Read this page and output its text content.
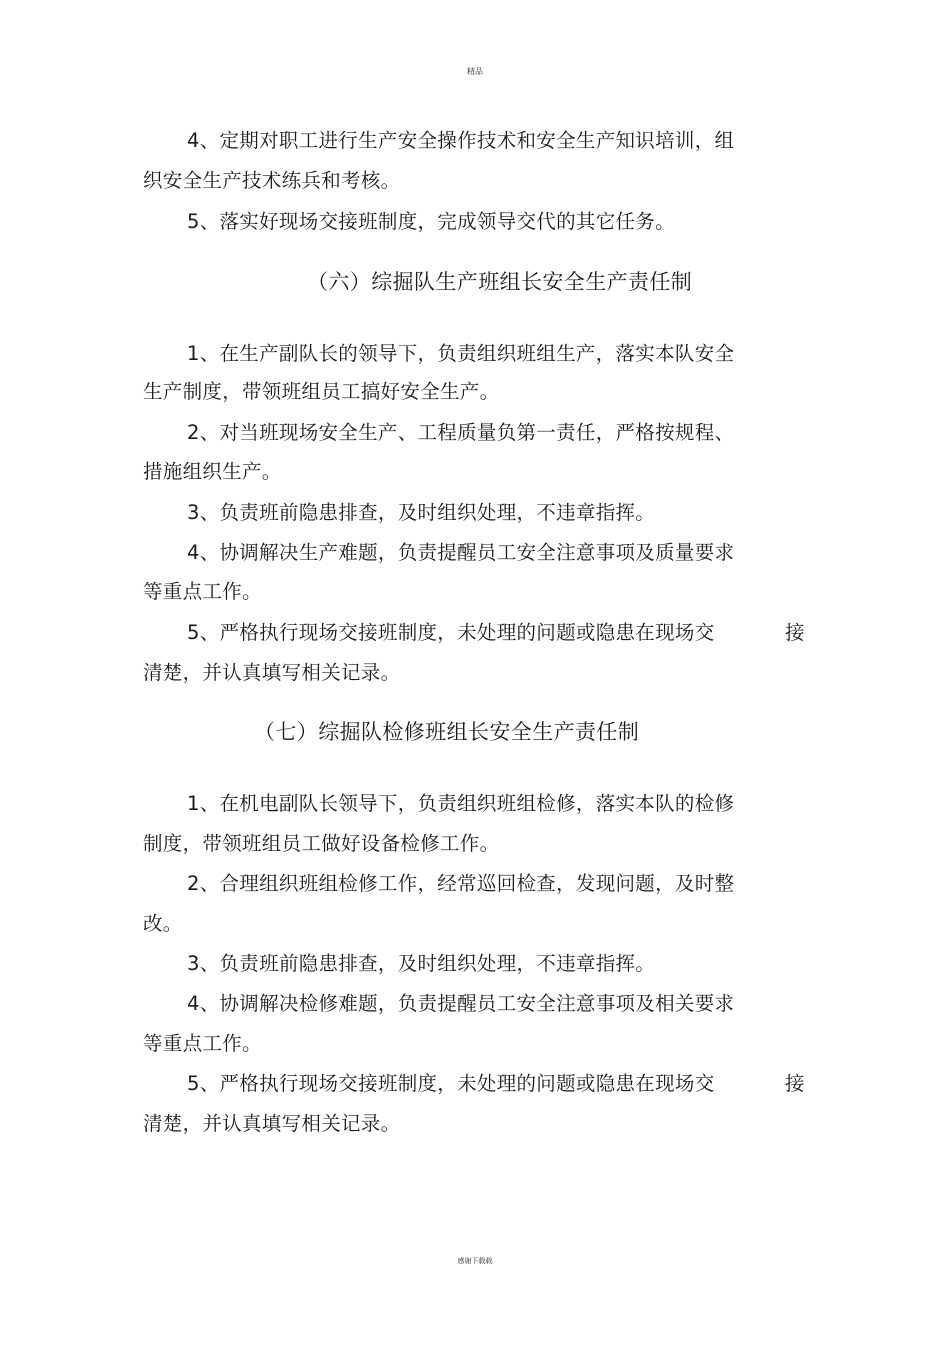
精品
4、定期对职工进行生产安全操作技术和安全生产知识培训，组
织安全生产技术练兵和考核。
5、落实好现场交接班制度，完成领导交代的其它任务。
（六）综掘队生产班组长安全生产责任制
1、在生产副队长的领导下，负责组织班组生产，落实本队安全
生产制度，带领班组员工搞好安全生产。
2、对当班现场安全生产、工程质量负第一责任，严格按规程、
措施组织生产。
3、负责班前隐患排查，及时组织处理，不违章指挥。
4、协调解决生产难题，负责提醒员工安全注意事项及质量要求
等重点工作。
5、严格执行现场交接班制度，未处理的问题或隐患在现场交	接
清楚，并认真填写相关记录。
（七）综掘队检修班组长安全生产责任制
1、在机电副队长领导下，负责组织班组检修，落实本队的检修
制度，带领班组员工做好设备检修工作。
2、合理组织班组检修工作，经常巡回检查，发现问题，及时整
改。
3、负责班前隐患排查，及时组织处理，不违章指挥。
4、协调解决检修难题，负责提醒员工安全注意事项及相关要求
等重点工作。
5、严格执行现场交接班制度，未处理的问题或隐患在现场交	接
清楚，并认真填写相关记录。
感谢下载载
